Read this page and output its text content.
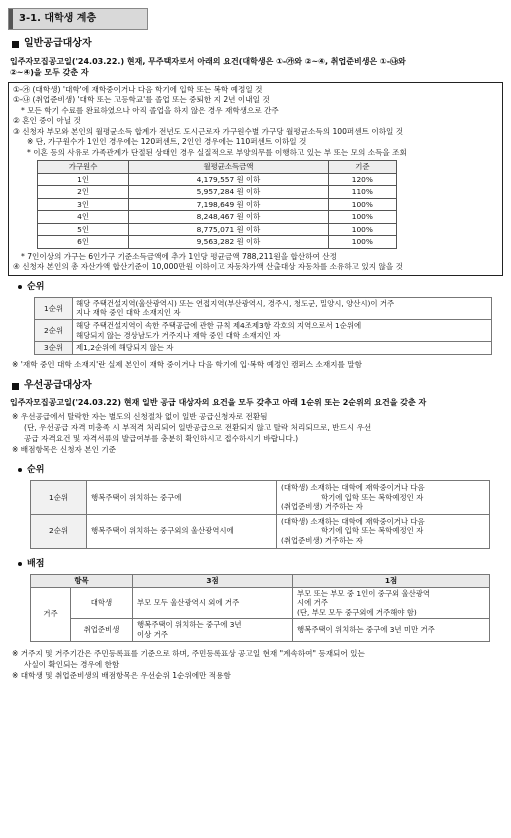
3-1. 대학생 계층
일반공급대상자
입주자모집공고일('24.03.22.) 현재, 무주택자로서 아래의 요건(대학생은 ①-㉮와 ②~④, 취업준비생은 ①-㉯와
②~④)을 모두 갖춘 자
①-㉮ (대학생) '대학'에 재학중이거나 다음 학기에 입학 또는 복학 예정일 것
①-㉯ (취업준비생) '대학 또는 고등학교'를 졸업 또는 중퇴한 지 2년 이내일 것
* 모든 학기 수료를 완료하였으나 아직 졸업을 하지 않은 경우 재학생으로 간주
② 혼인 중이 아닐 것
③ 신청자 부모와 본인의 월평균소득 합계가 전년도 도시근로자 가구원수별 가구당 월평균소득의 100퍼센트 이하일 것
※ 단, 가구원수가 1인인 경우에는 120퍼센트, 2인인 경우에는 110퍼센트 이하일 것
* 이혼 등의 사유로 가족관계가 단절된 상태인 경우 실질적으로 부양의무를 이행하고 있는 부 또는 모의 소득을 조회
가구원수	월평균소득금액	기준
1인	4,179,557 원 이하	120%
2인	5,957,284 원 이하	110%
3인	7,198,649 원 이하	100%
4인	8,248,467 원 이하	100%
5인	8,775,071 원 이하	100%
6인	9,563,282 원 이하	100%
* 7인이상의 가구는 6인가구 기준소득금액에 추가 1인당 평균금액 788,211원을 합산하여 산정
④ 신청자 본인의 총 자산가액 합산기준이 10,000만원 이하이고 자동차가액 산출대상 자동차를 소유하고 있지 않을 것
순위
1순위	해당 주택건설지역(울산광역시) 또는 연접지역(부산광역시, 경주시, 청도군, 밀양시, 양산시)이 거주
지나 재학 중인 대학 소재지인 자

2순위	해당 주택건설지역이 속한 주택공급에 관한 규칙 제4조제3항 각호의 지역으로서 1순위에
해당되지 않는 경상남도가 거주지나 재학 중인 대학 소재지인 자

3순위	제1,2순위에 해당되지 않는 자
※ '재학 중인 대학 소재지'란 실제 본인이 재학 중이거나 다음 학기에 입·복학 예정인 캠퍼스 소재지를 말함
우선공급대상자
입주자모집공고일('24.03.22) 현재 일반 공급 대상자의 요건을 모두 갖추고 아래 1순위 또는 2순위의 요건을 갖춘 자
※ 우선공급에서 탈락한 자는 별도의 신청절차 없이 일반 공급신청자로 전환됨
(단, 우선공급 자격 미충족 시 부적격 처리되어 일반공급으로 전환되지 않고 탈락 처리되므로, 반드시 우선
공급 자격요건 및 자격서류의 발급여부를 충분히 확인하시고 접수하시기 바랍니다.)
※ 배점항목은 신청자 본인 기준
순위
1순위	행복주택이 위치하는 중구에	(대학생) 소재하는 대학에 재학중이거나 다음
학기에 입학 또는 복학예정인 자
(취업준비생) 거주하는 자

2순위	행복주택이 위치하는 중구외의 울산광역시에	(대학생) 소재하는 대학에 재학중이거나 다음
학기에 입학 또는 복학예정인 자
(취업준비생) 거주하는 자
배점
항목		3점	1점
거주	대학생	부모 모두 울산광역시 외에 거주	부모 또는 부모 중 1인이 중구외 울산광역
시에 거주
(단, 부모 모두 중구외에 거주해야 함)

	취업준비생	행복주택이 위치하는 중구에 3년
이상 거주	행복주택이 위치하는 중구에 3년 미만 거주
※ 거주지 및 거주기간은 주민등록표를 기준으로 하며, 주민등록표상 공고일 현재 "계속하여" 등재되어 있는
사실이 확인되는 경우에 한함
※ 대학생 및 취업준비생의 배점항목은 우선순위 1순위에만 적용함
